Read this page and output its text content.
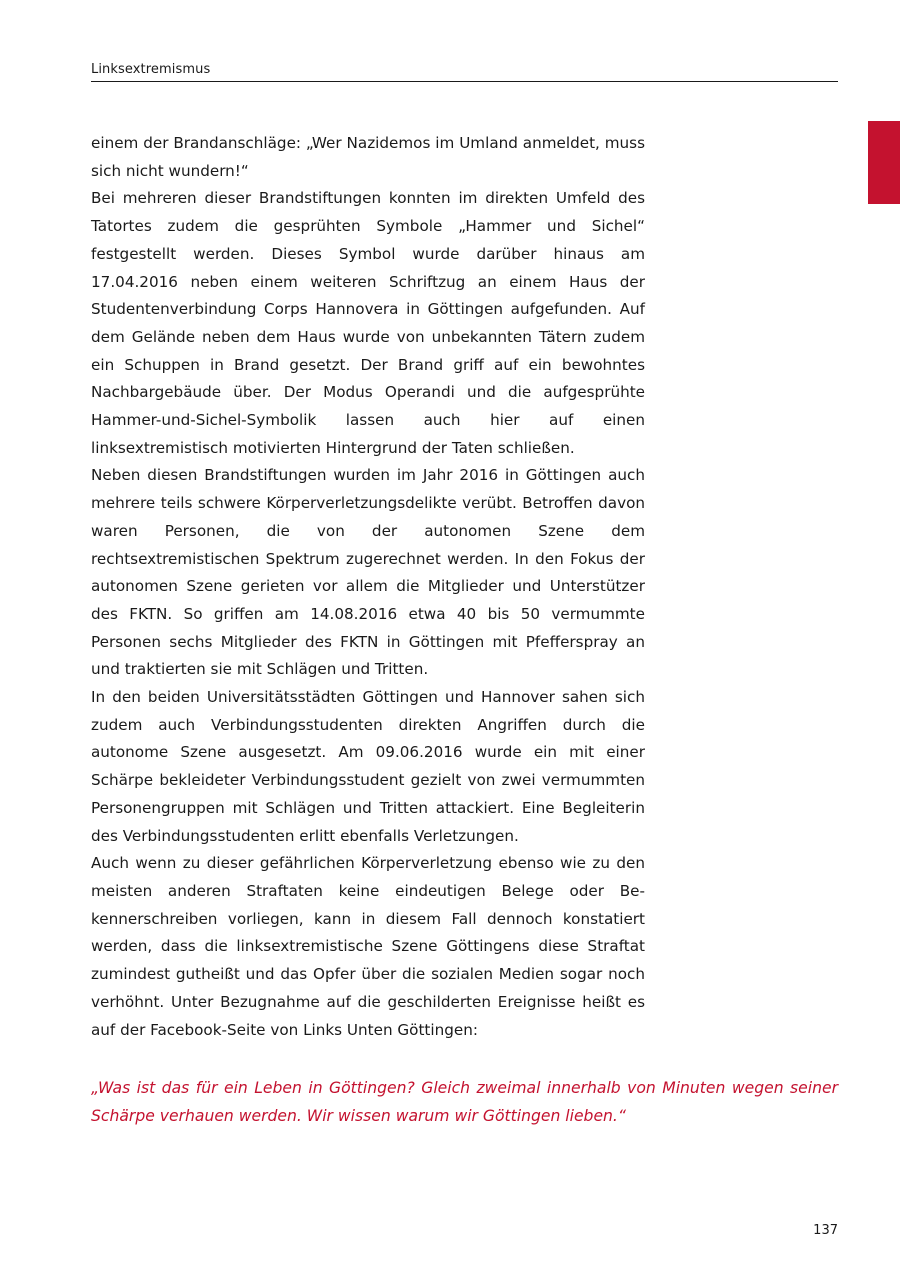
Linksextremismus

einem der Brandanschläge: „Wer Nazidemos im Umland anmeldet, muss sich nicht wundern!“

Bei mehreren dieser Brandstiftungen konnten im direkten Umfeld des Tatortes zudem die gesprühten Symbole „Hammer und Sichel“ festgestellt werden. Dieses Symbol wurde darüber hinaus am 17.04.2016 neben einem weiteren Schriftzug an einem Haus der Studentenverbindung Corps Hannovera in Göttingen aufgefunden. Auf dem Gelände neben dem Haus wurde von unbekannten Tätern zudem ein Schuppen in Brand gesetzt. Der Brand griff auf ein bewohntes Nachbargebäude über. Der Modus Operandi und die aufgesprühte Hammer-und-Sichel-Symbolik lassen auch hier auf einen linksextremistisch motivierten Hintergrund der Taten schließen.

Neben diesen Brandstiftungen wurden im Jahr 2016 in Göttingen auch mehrere teils schwere Körperverletzungsdelikte verübt. Betroffen davon waren Personen, die von der autonomen Szene dem rechtsextremistischen Spektrum zugerechnet werden. In den Fokus der autonomen Szene gerieten vor allem die Mitglieder und Unterstützer des FKTN. So griffen am 14.08.2016 etwa 40 bis 50 vermummte Personen sechs Mitglieder des FKTN in Göttingen mit Pfefferspray an und traktierten sie mit Schlägen und Tritten.

In den beiden Universitätsstädten Göttingen und Hannover sahen sich zudem auch Verbindungsstudenten direkten Angriffen durch die autonome Szene ausgesetzt. Am 09.06.2016 wurde ein mit einer Schärpe bekleideter Verbindungsstudent gezielt von zwei vermummten Personengruppen mit Schlägen und Tritten attackiert. Eine Begleiterin des Verbindungsstudenten erlitt ebenfalls Verletzungen.

Auch wenn zu dieser gefährlichen Körperverletzung ebenso wie zu den meisten anderen Straftaten keine eindeutigen Belege oder Bekennerschreiben vorliegen, kann in diesem Fall dennoch konstatiert werden, dass die linksextremistische Szene Göttingens diese Straftat zumindest gutheißt und das Opfer über die sozialen Medien sogar noch verhöhnt. Unter Bezugnahme auf die geschilderten Ereignisse heißt es auf der Facebook-Seite von Links Unten Göttingen:

„Was ist das für ein Leben in Göttingen? Gleich zweimal innerhalb von Minuten wegen seiner Schärpe verhauen werden. Wir wissen warum wir Göttingen lieben.“

137
